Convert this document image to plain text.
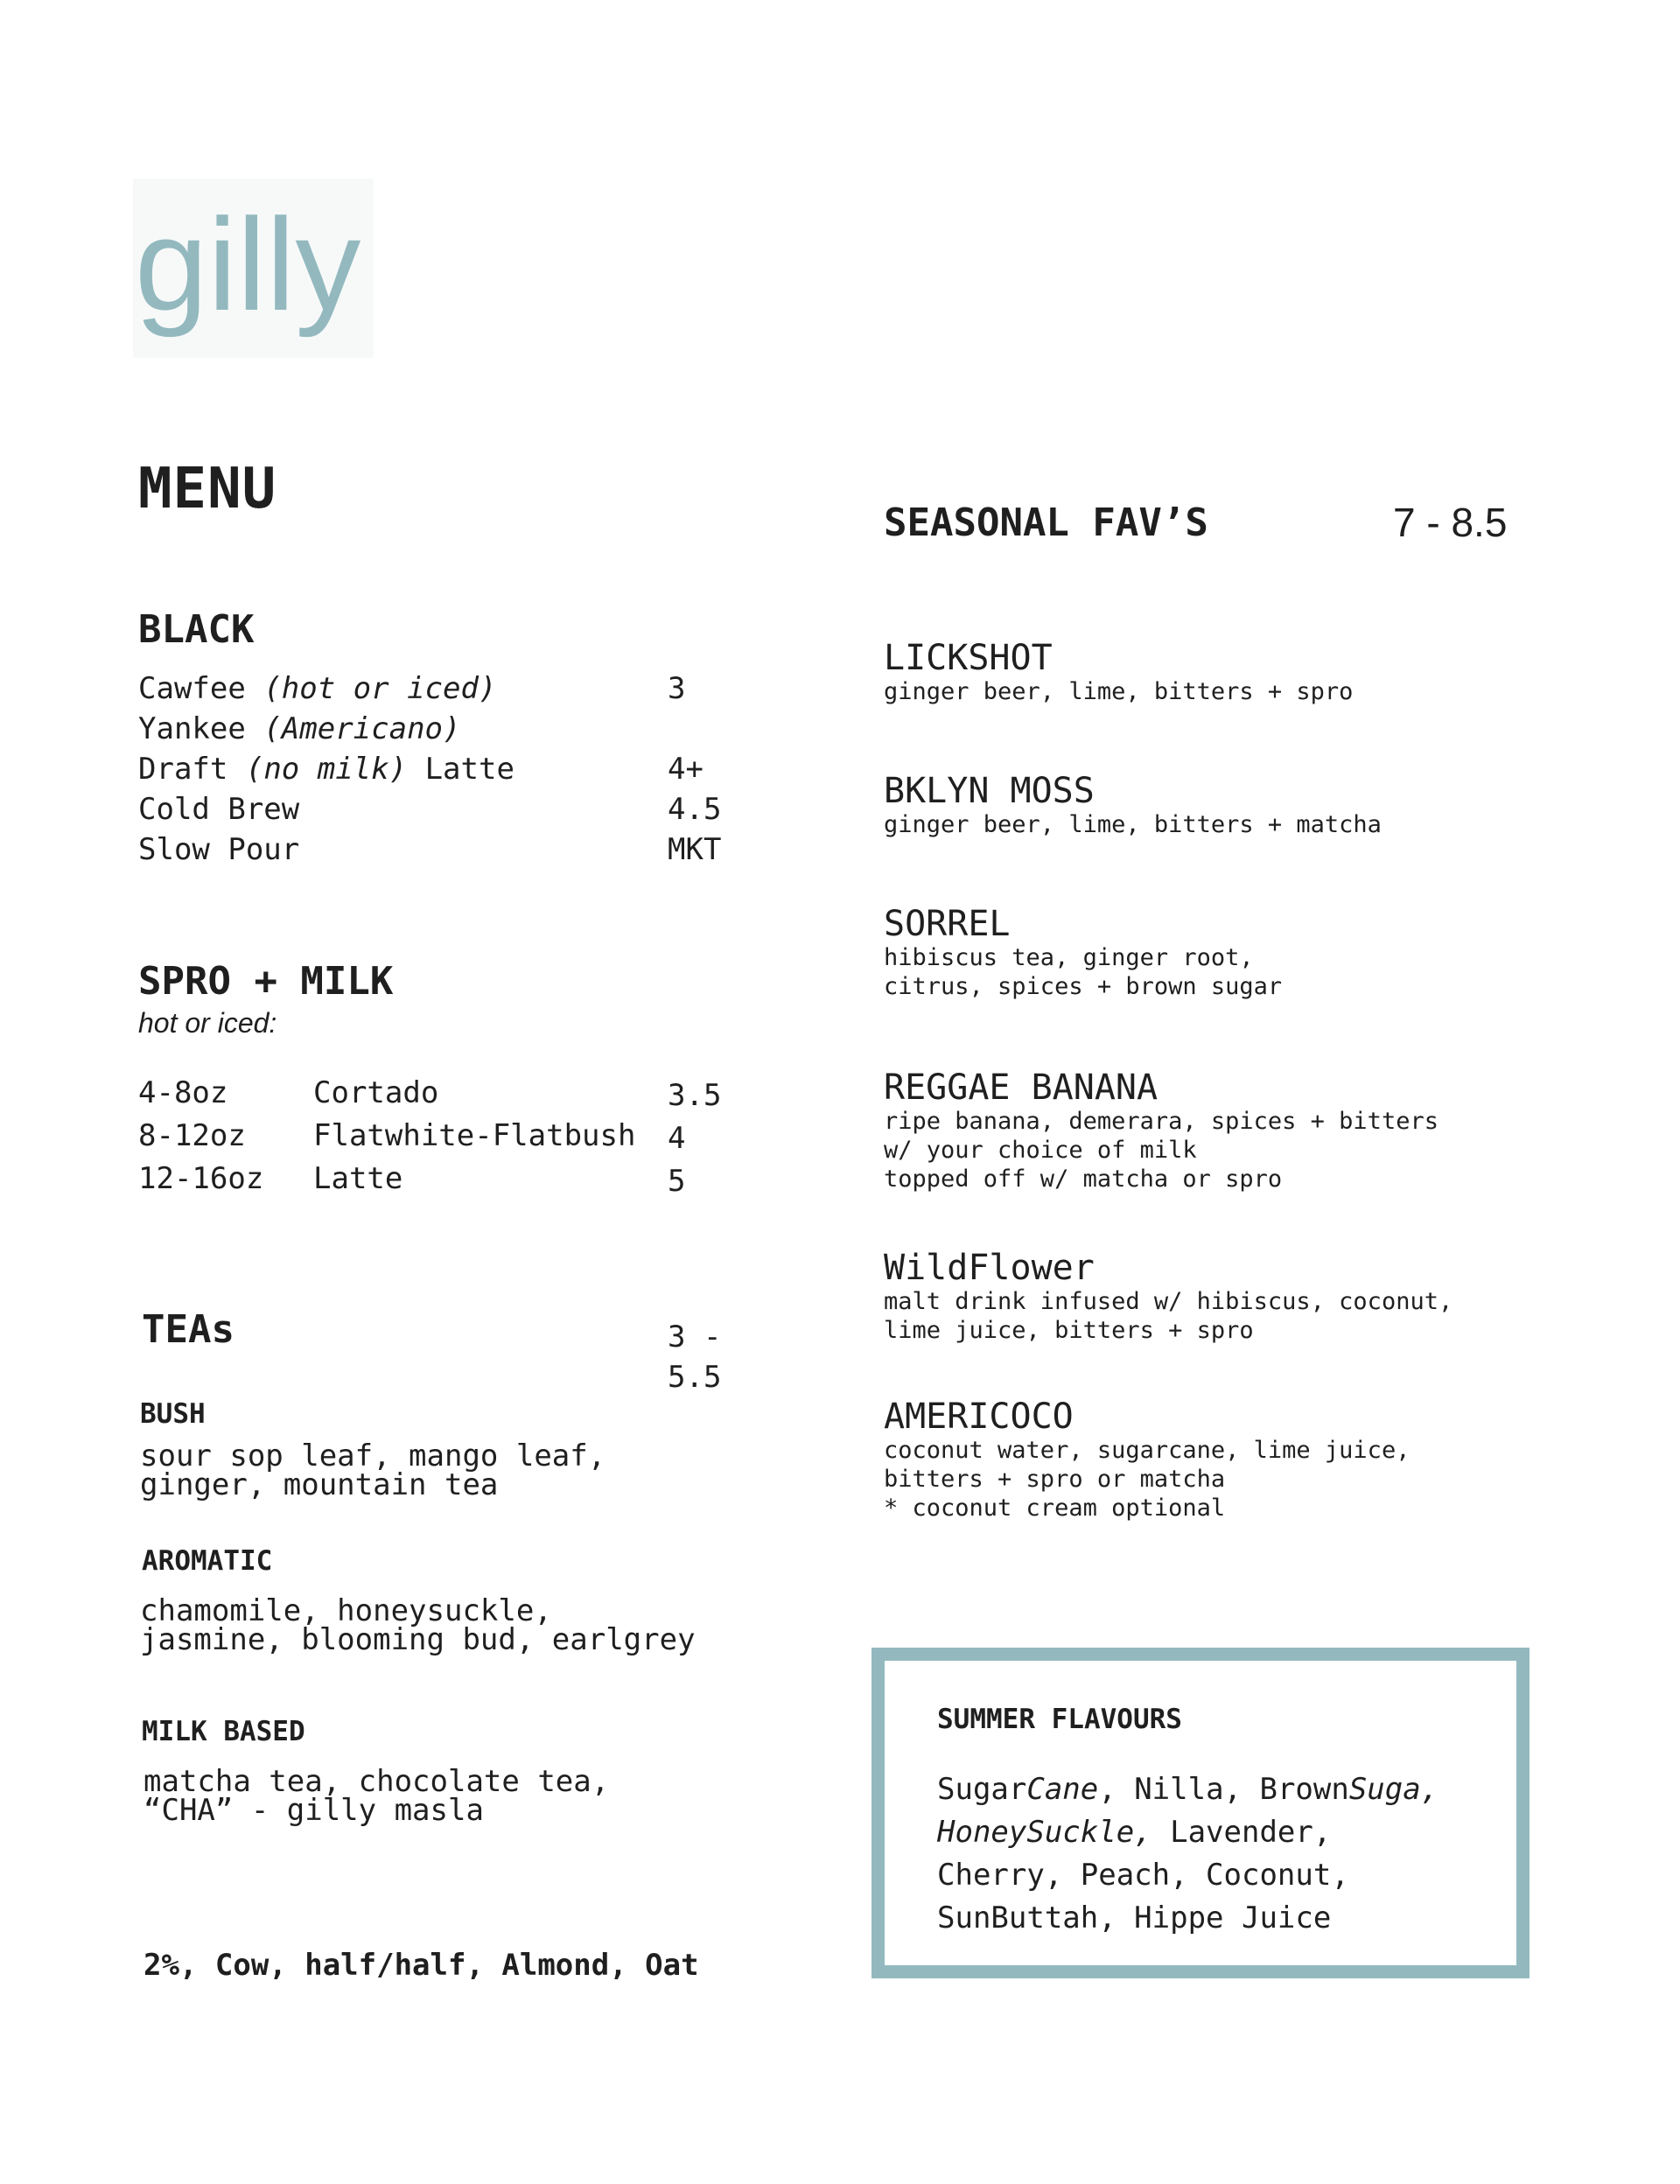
gilly
MENU
BLACK
Cawfee (hot or iced)	3
Yankee (Americano)
Draft (no milk) Latte	4+
Cold Brew	4.5
Slow Pour	MKT
SPRO + MILK
hot or iced:
4-8oz	Cortado	3.5
8-12oz Flatwhite-Flatbush 4
12-16oz Latte	5
TEAs	3 -
5.5
BUSH
sour sop leaf, mango leaf,
ginger, mountain tea
AROMATIC
chamomile, honeysuckle,
jasmine, blooming bud, earlgrey
MILK BASED
matcha tea, chocolate tea,
“CHA” - gilly masla
2%, Cow, half/half, Almond, Oat
SEASONAL FAV’S	7 - 8.5
LICKSHOT
ginger beer, lime, bitters + spro
BKLYN MOSS
ginger beer, lime, bitters + matcha
SORREL
hibiscus tea, ginger root,
citrus, spices + brown sugar
REGGAE BANANA
ripe banana, demerara, spices + bitters
w/ your choice of milk
topped off w/ matcha or spro
WildFlower
malt drink infused w/ hibiscus, coconut,
lime juice, bitters + spro
AMERICOCO
coconut water, sugarcane, lime juice,
bitters + spro or matcha
* coconut cream optional
SUMMER FLAVOURS
SugarCane, Nilla, BrownSuga,
HoneySuckle, Lavender,
Cherry, Peach, Coconut,
SunButtah, Hippe Juice
